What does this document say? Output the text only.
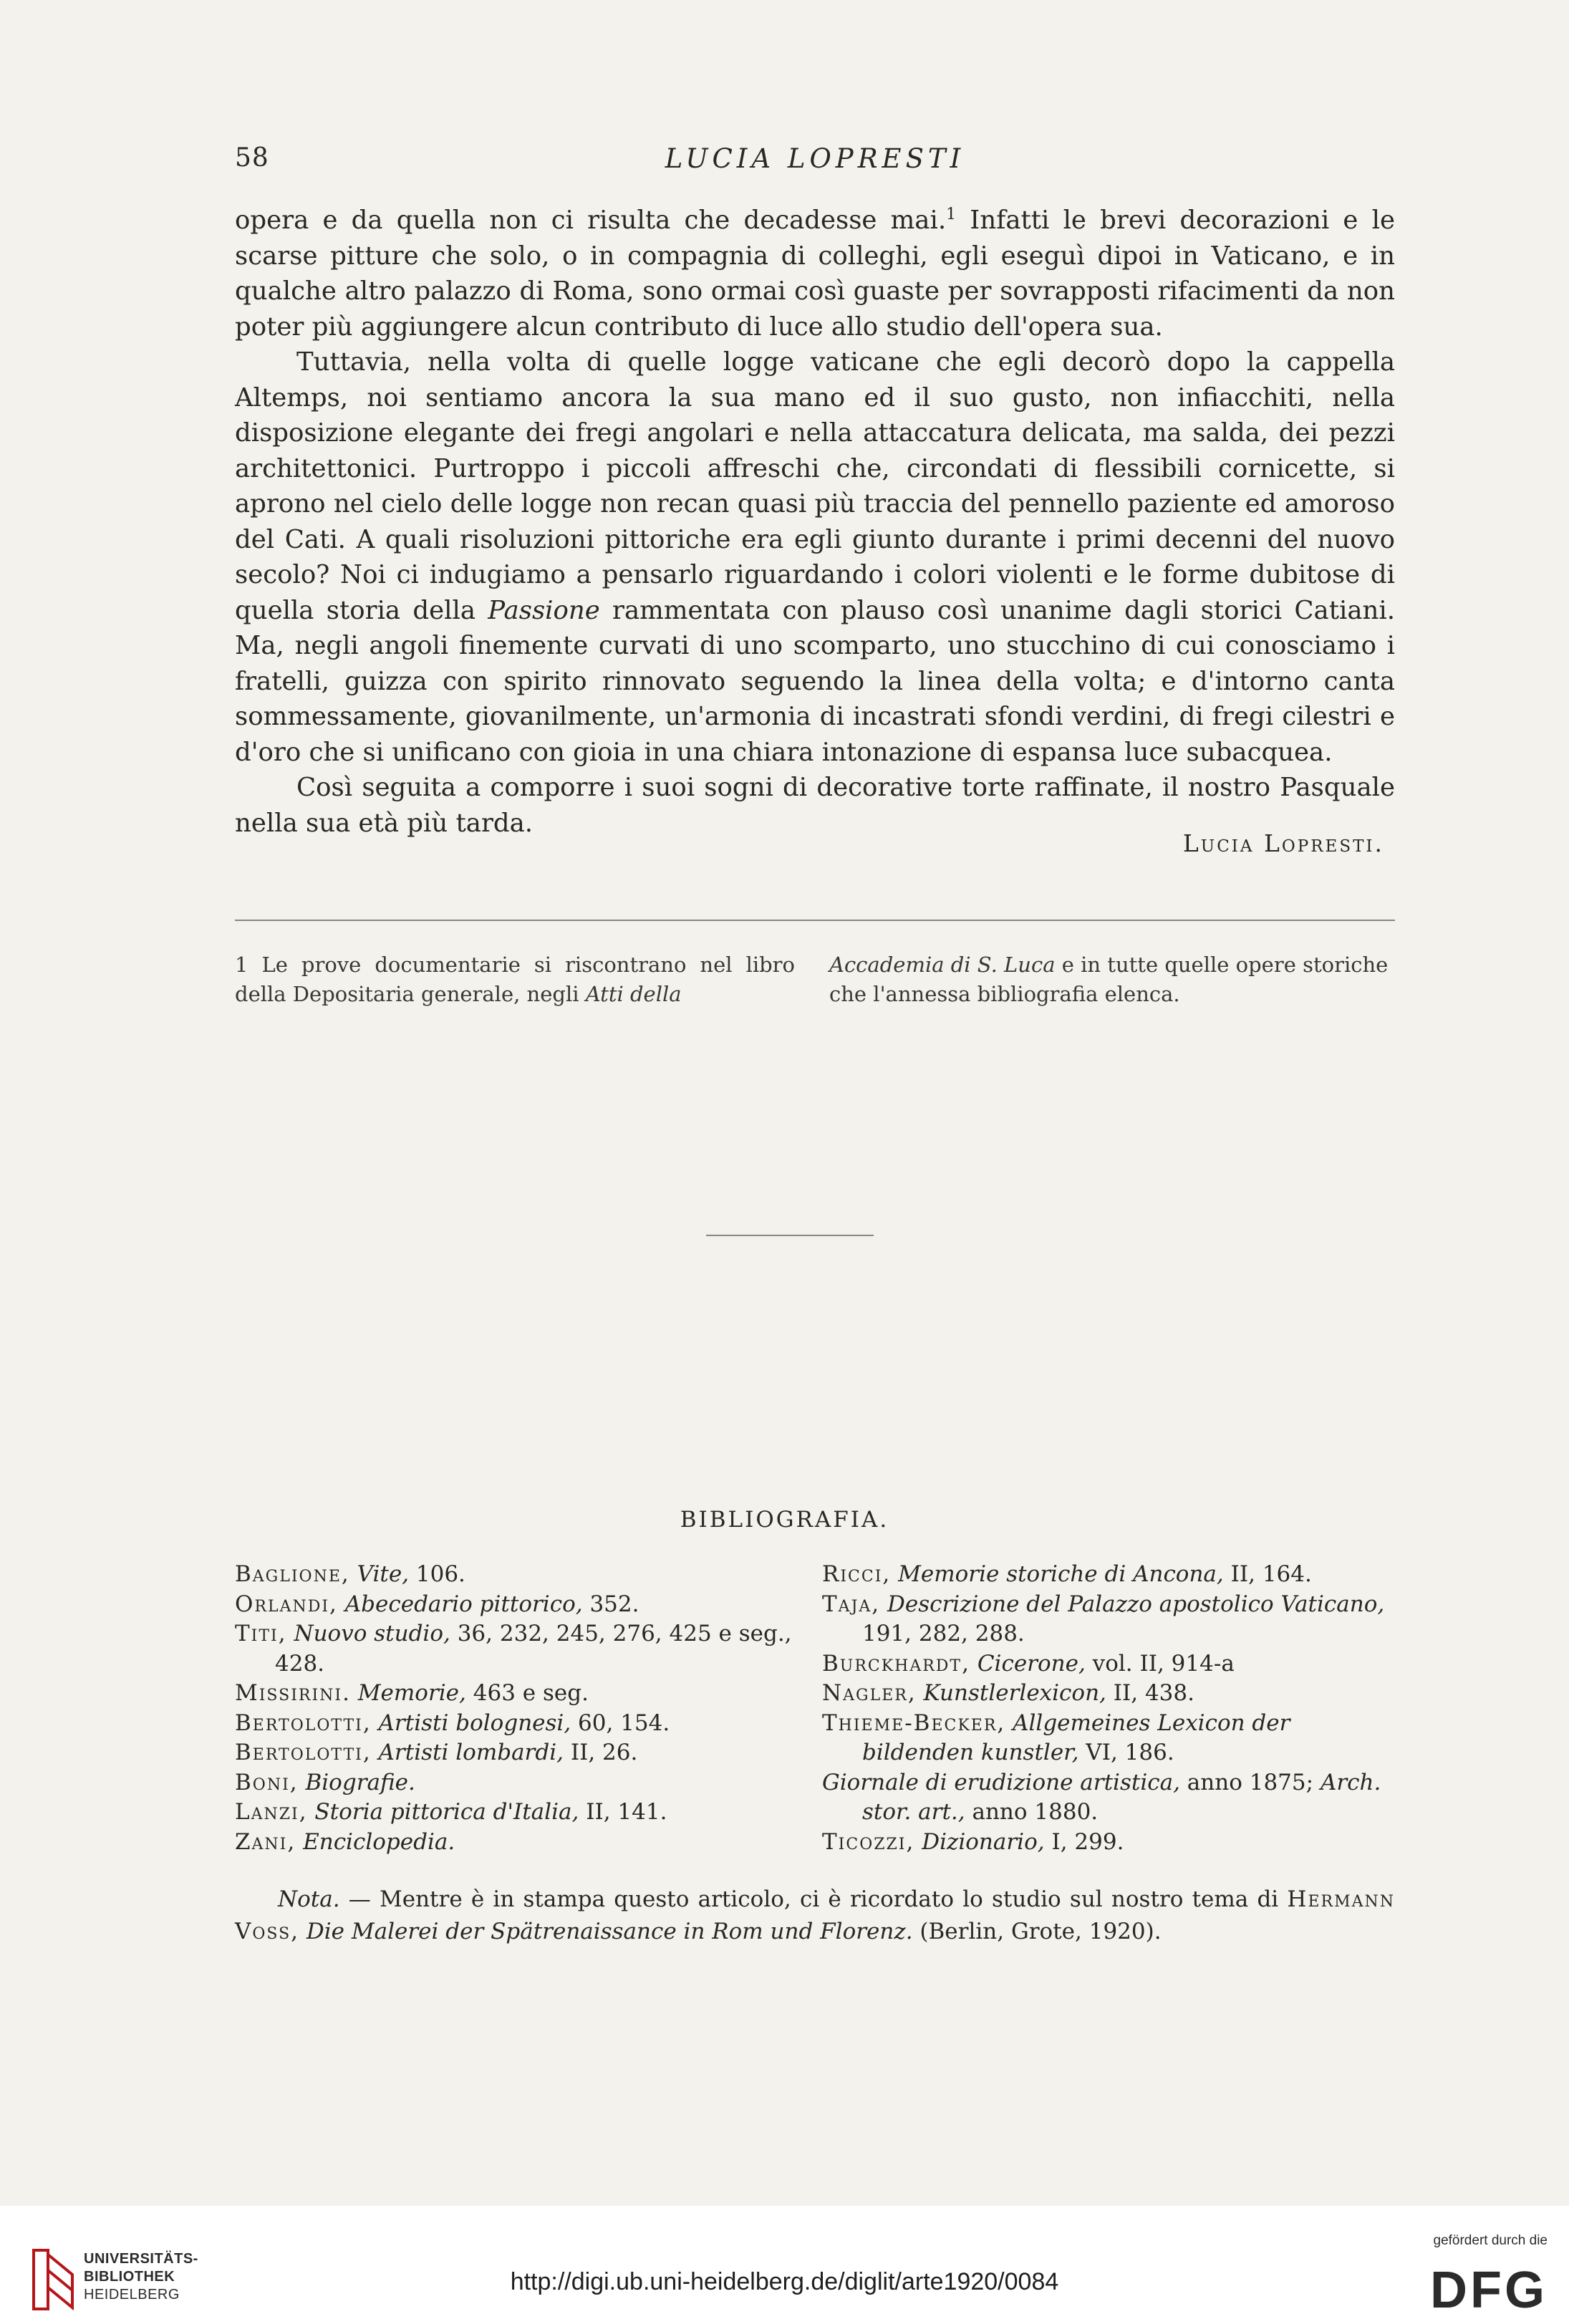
58	LUCIA LOPRESTI

opera e da quella non ci risulta che decadesse mai.$^1$ Infatti le brevi decorazioni e le scarse pitture che solo, o in compagnia di colleghi, egli eseguì dipoi in Vaticano, e in qualche altro palazzo di Roma, sono ormai così guaste per sovrapposti rifacimenti da non poter più aggiungere alcun contributo di luce allo studio dell'opera sua.

Tuttavia, nella volta di quelle logge vaticane che egli decorò dopo la cappella Altemps, noi sentiamo ancora la sua mano ed il suo gusto, non infiacchiti, nella disposizione elegante dei fregi angolari e nella attaccatura delicata, ma salda, dei pezzi architettonici. Purtroppo i piccoli affreschi che, circondati di flessibili cornicette, si aprono nel cielo delle logge non recan quasi più traccia del pennello paziente ed amoroso del Cati. A quali risoluzioni pittoriche era egli giunto durante i primi decenni del nuovo secolo? Noi ci indugiamo a pensarlo riguardando i colori violenti e le forme dubitose di quella storia della Passione rammentata con plauso così unanime dagli storici Catiani. Ma, negli angoli finemente curvati di uno scomparto, uno stucchino di cui conosciamo i fratelli, guizza con spirito rinnovato seguendo la linea della volta; e d'intorno canta sommessamente, giovanilmente, un'armonia di incastrati sfondi verdini, di fregi cilestri e d'oro che si unificano con gioia in una chiara intonazione di espansa luce subacquea.

Così seguita a comporre i suoi sogni di decorative torte raffinate, il nostro Pasquale nella sua età più tarda.

Lucia Lopresti.
1 Le prove documentarie si riscontrano nel libro della Depositaria generale, negli Atti della
Accademia di S. Luca e in tutte quelle opere storiche che l'annessa bibliografia elenca.
BIBLIOGRAFIA.

Baglione, Vite, 106.

Orlandi, Abecedario pittorico, 352.

Titi, Nuovo studio, 36, 232, 245, 276, 425 e seg., 428.

Missirini. Memorie, 463 e seg.

Bertolotti, Artisti bolognesi, 60, 154.

Bertolotti, Artisti lombardi, II, 26.

Boni, Biografie.

Lanzi, Storia pittorica d'Italia, II, 141.

Zani, Enciclopedia.

Ricci, Memorie storiche di Ancona, II, 164.

Taja, Descrizione del Palazzo apostolico Vaticano, 191, 282, 288.

Burckhardt, Cicerone, vol. II, 914-a

Nagler, Kunstlerlexicon, II, 438.

Thieme-Becker, Allgemeines Lexicon der bildenden kunstler, VI, 186.

Giornale di erudizione artistica, anno 1875; Arch. stor. art., anno 1880.

Ticozzi, Dizionario, I, 299.

Nota. — Mentre è in stampa questo articolo, ci è ricordato lo studio sul nostro tema di Hermann Voss, Die Malerei der Spätrenaissance in Rom und Florenz. (Berlin, Grote, 1920).

UNIVERSITÄTS-
BIBLIOTHEK
HEIDELBERG	http://digi.ub.uni-heidelberg.de/diglit/arte1920/0084
gefördert durch die
DFG
